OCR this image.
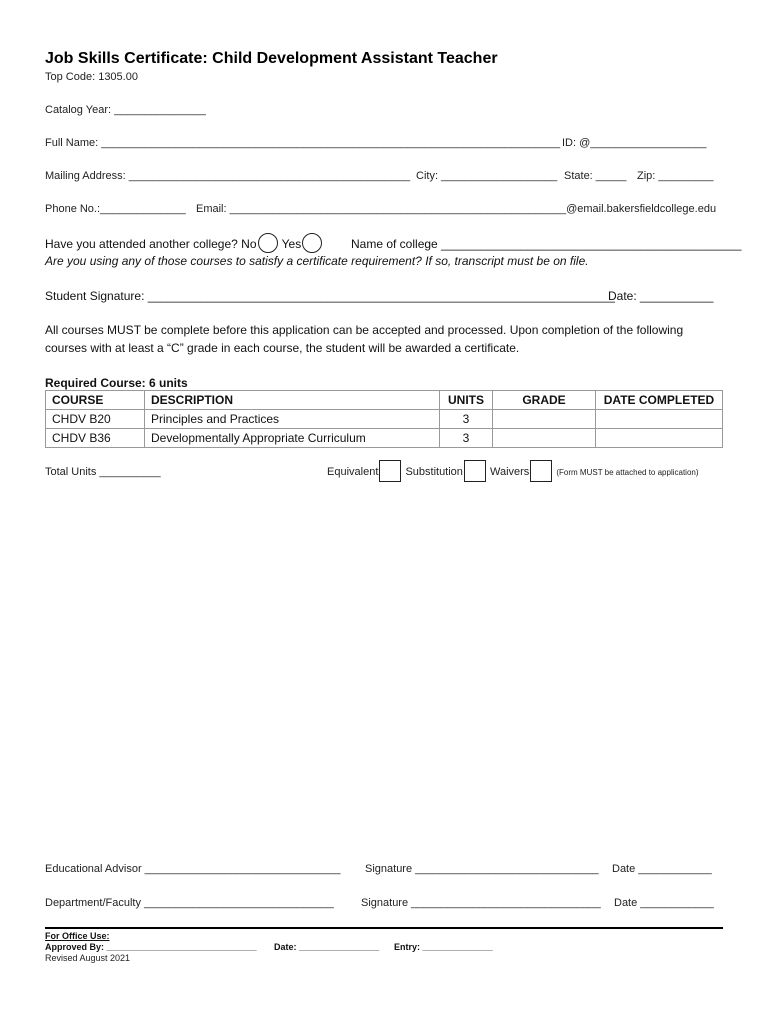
Job Skills Certificate: Child Development Assistant Teacher
Top Code: 1305.00
Catalog Year: _______________
Full Name: ___________________________________________________________________________ ID: @___________________
Mailing Address: ______________________________________________ City: ___________________ State: _____ Zip: _________
Phone No.:______________ Email: _______________________________________________________@email.bakersfieldcollege.edu
Have you attended another college? No Yes	Name of college _____________________________________________
Are you using any of those courses to satisfy a certificate requirement? If so, transcript must be on file.
Student Signature: ______________________________________________________________________
Date: ___________
All courses MUST be complete before this application can be accepted and processed. Upon completion of the following
courses with at least a “C” grade in each course, the student will be awarded a certificate.
Required Course: 6 units
COURSE	DESCRIPTION	UNITS	GRADE	DATE COMPLETED
CHDV B20	Principles and Practices	3		
CHDV B36	Developmentally Appropriate Curriculum	3		
Total Units __________	Equivalent Substitution Waivers	(Form MUST be attached to application)
Educational Advisor ________________________________ Signature ______________________________ Date ____________
Department/Faculty _______________________________ Signature _______________________________ Date ____________
For Office Use:
Approved By: ______________________________ Date: ________________ Entry: ______________
Revised August 2021
